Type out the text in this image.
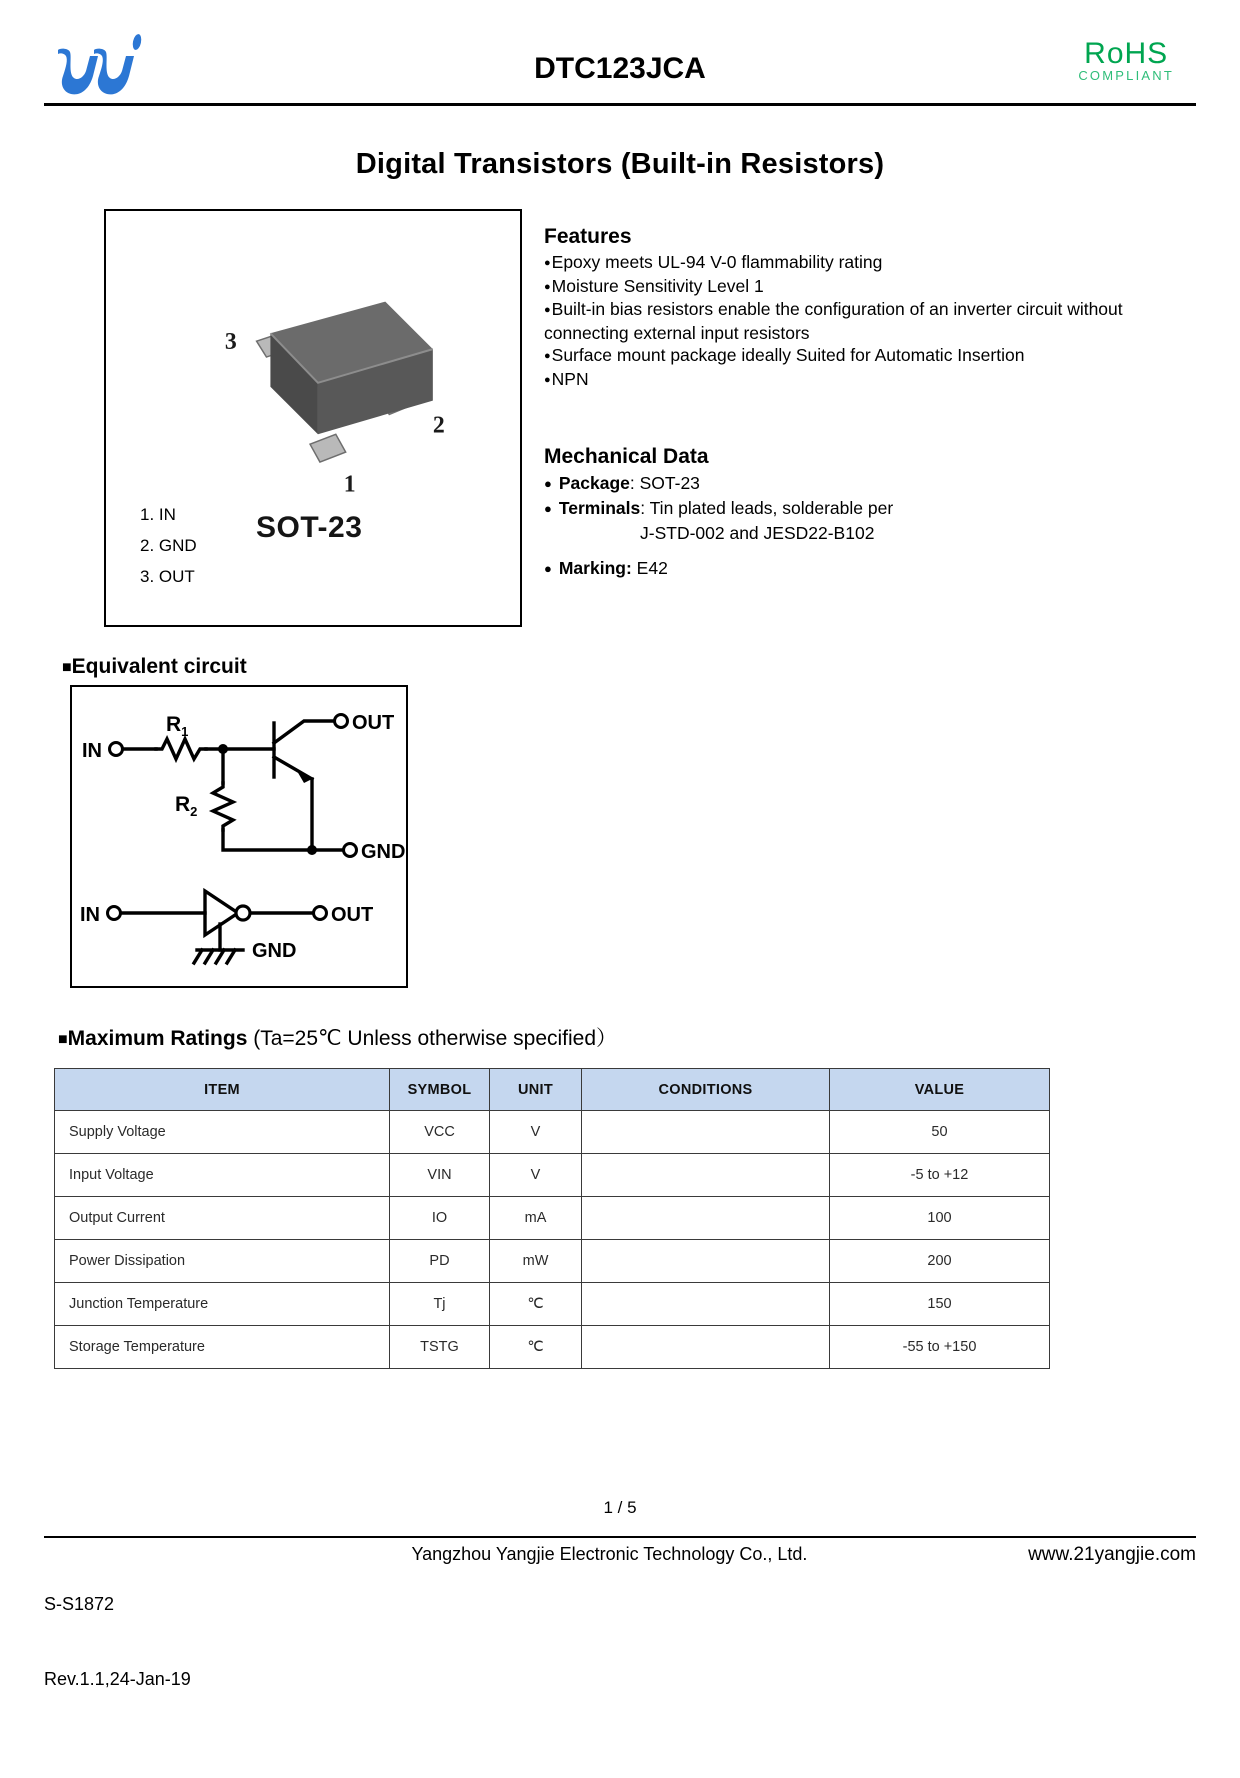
DTC123JCA	RoHS
COMPLIANT
Digital Transistors (Built-in Resistors)
3
2
1
1. IN
2. GND
3. OUT
SOT-23
Features
● Epoxy meets UL-94 V-0 flammability rating
● Moisture Sensitivity Level 1
● Built-in bias resistors enable the configuration of an inverter circuit without connecting external input resistors
● Surface mount package ideally Suited for Automatic Insertion
● NPN
Mechanical Data
● Package: SOT-23
● Terminals: Tin plated leads, solderable per
J-STD-002 and JESD22-B102
● Marking: E42
■Equivalent circuit
IN
OUT
GND
$R_1$
$R_2$
IN	OUT
GND
■Maximum Ratings (Ta=25℃ Unless otherwise specified）
ITEM	SYMBOL	UNIT	CONDITIONS	VALUE
Supply Voltage	VCC	V		50
Input Voltage	VIN	V		-5 to +12
Output Current	IO	mA		100
Power Dissipation	PD	mW		200
Junction Temperature	Tj	℃		150
Storage Temperature	TSTG	℃		-55 to +150
1 / 5

S-S1872

Rev.1.1,24-Jan-19

Yangzhou Yangjie Electronic Technology Co., Ltd.	www.21yangjie.com
